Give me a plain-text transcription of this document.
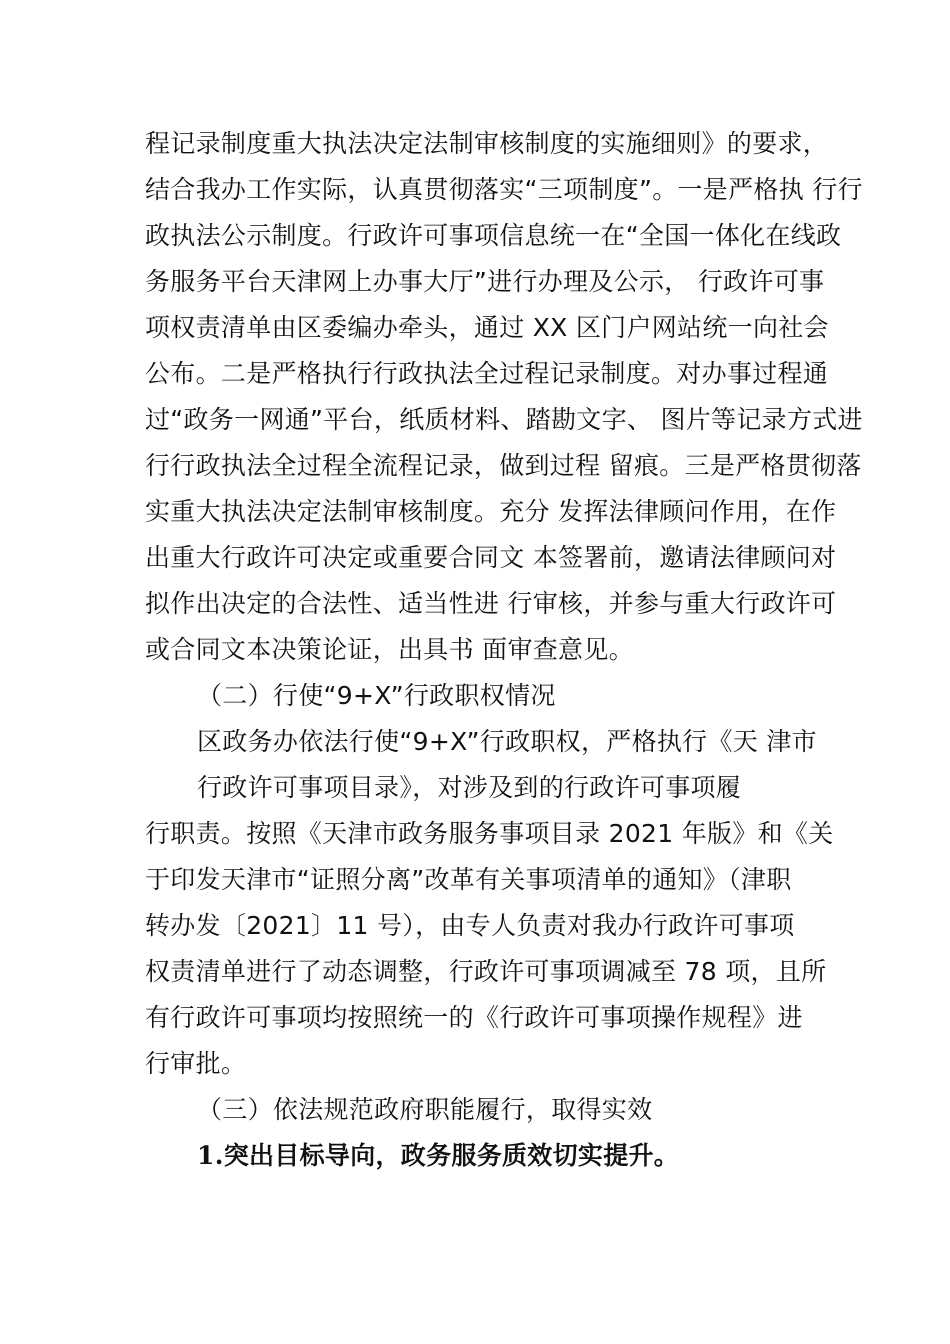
程记录制度重大执法决定法制审核制度的实施细则》的要求，
结合我办工作实际，认真贯彻落实“三项制度”。一是严格执 行行
政执法公示制度。行政许可事项信息统一在“全国一体化在线政
务服务平台天津网上办事大厅”进行办理及公示， 行政许可事
项权责清单由区委编办牵头，通过 XX 区门户网站统一向社会
公布。二是严格执行行政执法全过程记录制度。对办事过程通
过“政务一网通”平台，纸质材料、踏勘文字、 图片等记录方式进
行行政执法全过程全流程记录，做到过程 留痕。三是严格贯彻落
实重大执法决定法制审核制度。充分 发挥法律顾问作用，在作
出重大行政许可决定或重要合同文 本签署前，邀请法律顾问对
拟作出决定的合法性、适当性进 行审核，并参与重大行政许可
或合同文本决策论证，出具书 面审查意见。
（二）行使“9+X”行政职权情况
区政务办依法行使“9+X”行政职权，严格执行《天 津市
行政许可事项目录》，对涉及到的行政许可事项履
行职责。按照《天津市政务服务事项目录 2021 年版》和《关
于印发天津市“证照分离”改革有关事项清单的通知》（津职
转办发〔2021〕11 号），由专人负责对我办行政许可事项
权责清单进行了动态调整，行政许可事项调减至 78 项，且所
有行政许可事项均按照统一的《行政许可事项操作规程》进
行审批。
（三）依法规范政府职能履行，取得实效
1.突出目标导向，政务服务质效切实提升。
